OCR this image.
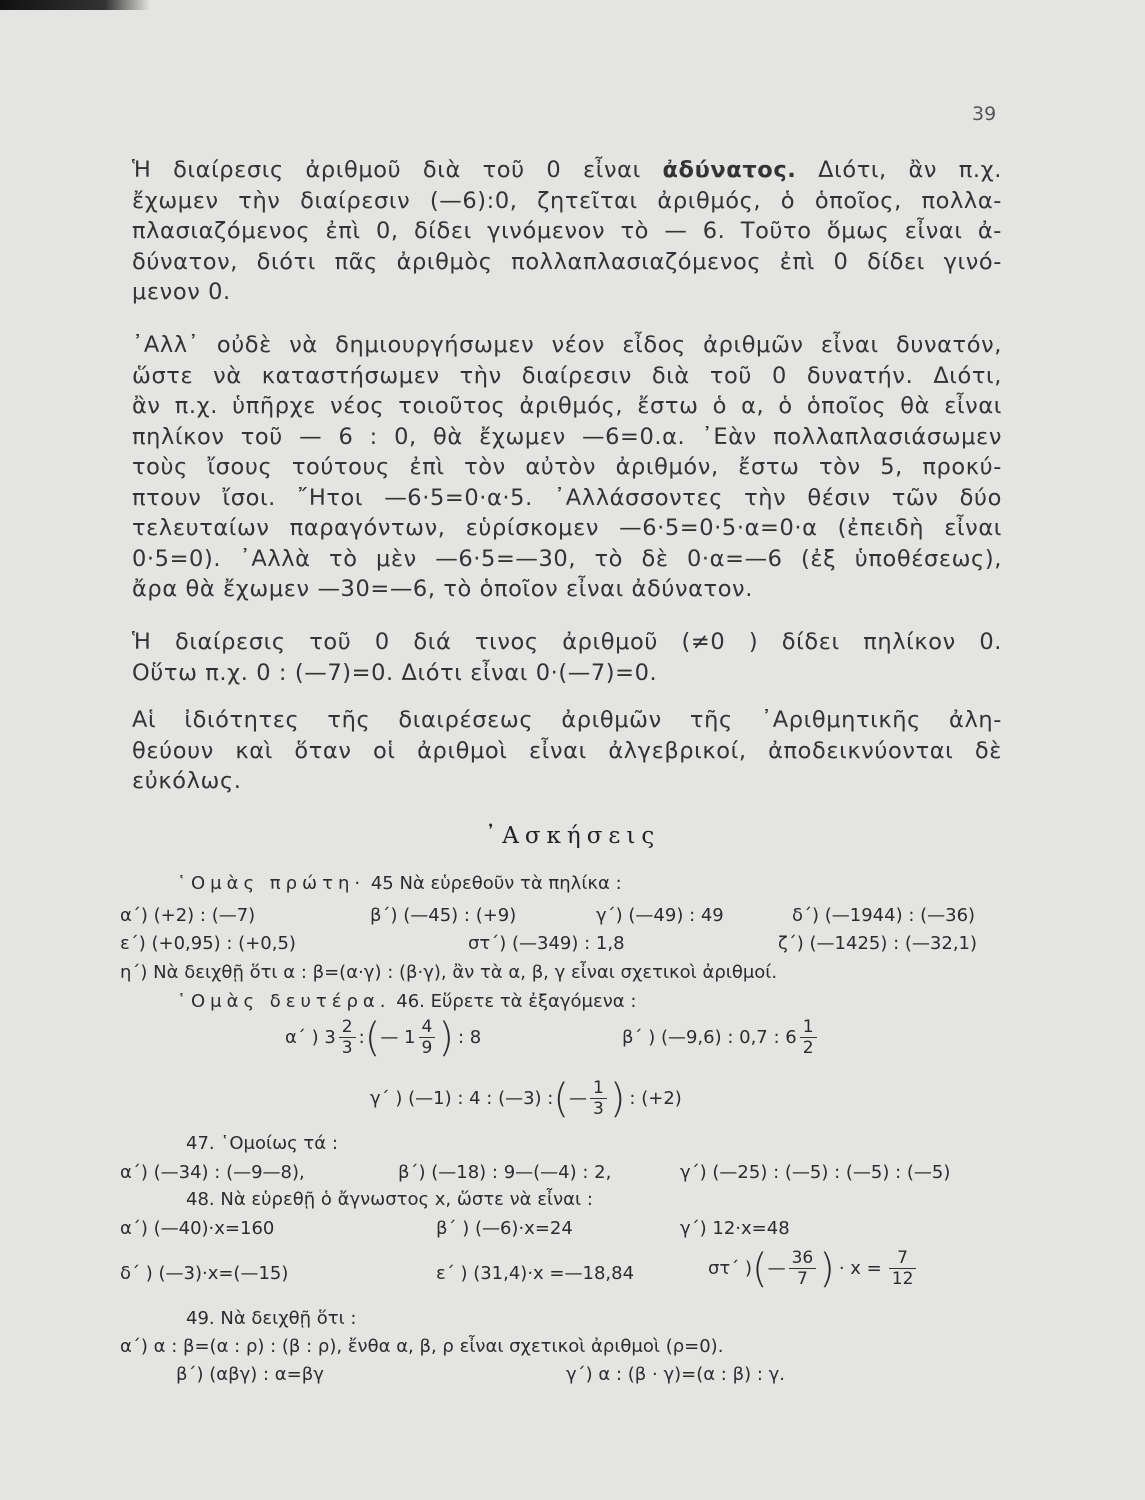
39
Ἡ διαίρεσις ἀριθμοῦ διὰ τοῦ 0 εἶναι ἀδύνατος. Διότι, ἂν π.χ.
ἔχωμεν τὴν διαίρεσιν (—6):0, ζητεῖται ἀριθμός, ὁ ὁποῖος, πολλα-
πλασιαζόμενος ἐπὶ 0, δίδει γινόμενον τὸ — 6. Τοῦτο ὅμως εἶναι ἀ-
δύνατον, διότι πᾶς ἀριθμὸς πολλαπλασιαζόμενος ἐπὶ 0 δίδει γινό-
μενον 0.
᾿Αλλ᾿ οὐδὲ νὰ δημιουργήσωμεν νέον εἶδος ἀριθμῶν εἶναι δυνατόν,
ὥστε νὰ καταστήσωμεν τὴν διαίρεσιν διὰ τοῦ 0 δυνατήν. Διότι,
ἂν π.χ. ὑπῆρχε νέος τοιοῦτος ἀριθμός, ἔστω ὁ α, ὁ ὁποῖος θὰ εἶναι
πηλίκον τοῦ — 6 : 0, θὰ ἔχωμεν —6=0.α. ᾿Εὰν πολλαπλασιάσωμεν
τοὺς ἴσους τούτους ἐπὶ τὸν αὐτὸν ἀριθμόν, ἔστω τὸν 5, προκύ-
πτουν ἴσοι. ῎Ητοι —6·5=0·α·5. ᾿Αλλάσσοντες τὴν θέσιν τῶν δύο
τελευταίων παραγόντων, εὑρίσκομεν —6·5=0·5·α=0·α (ἐπειδὴ εἶναι
0·5=0). ᾿Αλλὰ τὸ μὲν —6·5=—30, τὸ δὲ 0·α=—6 (ἐξ ὑποθέσεως),
ἄρα θὰ ἔχωμεν —30=—6, τὸ ὁποῖον εἶναι ἀδύνατον.
Ἡ διαίρεσις τοῦ 0 διά τινος ἀριθμοῦ (≠0 ) δίδει πηλίκον 0.
Οὕτω π.χ. 0 : (—7)=0. Διότι εἶναι 0·(—7)=0.
Αἱ ἰδιότητες τῆς διαιρέσεως ἀριθμῶν τῆς ᾿Αριθμητικῆς ἀλη-
θεύουν καὶ ὅταν οἱ ἀριθμοὶ εἶναι ἀλγεβρικοί, ἀποδεικνύονται δὲ
εὐκόλως.
᾿Ασκήσεις
῾Ομὰς πρώτη· 45 Νὰ εὑρεθοῦν τὰ πηλίκα :
α΄) (+2) : (—7)	β΄) (—45) : (+9)	γ΄) (—49) : 49	δ΄) (—1944) : (—36)
ε΄) (+0,95) : (+0,5)	στ΄) (—349) : 1,8	ζ΄) (—1425) : (—32,1)
η΄) Νὰ δειχθῇ ὅτι α : β=(α·γ) : (β·γ), ἂν τὰ α, β, γ εἶναι σχετικοὶ ἀριθμοί.
῾Ομὰς δευτέρα. 46. Εὕρετε τὰ ἐξαγόμενα :
α΄ ) $3 \frac{2}{3}$ : ( — $1 \frac{4}{9}$ ) : 8	β΄ ) (—9,6) : 0,7 : $6 \frac{1}{2}$
γ΄ ) (—1) : 4 : (—3) : ( — $\frac{1}{3}$ ) : (+2)
47. ῾Ομοίως τά :
α΄) (—34) : (—9—8),	β΄) (—18) : 9—(—4) : 2,	γ΄) (—25) : (—5) : (—5) : (—5)
48. Νὰ εὑρεθῇ ὁ ἄγνωστος x, ὥστε νὰ εἶναι :
α΄) (—40)·x=160	β΄ ) (—6)·x=24	γ΄) 12·x=48
δ΄ ) (—3)·x=(—15)	ε΄ ) (31,4)·x =—18,84	στ΄ ) ( — $\frac{36}{7}$ ) · $x = \frac{7}{12}$
49. Νὰ δειχθῇ ὅτι :
α΄) α : β=(α : ρ) : (β : ρ), ἔνθα α, β, ρ εἶναι σχετικοὶ ἀριθμοὶ (ρ=0).
β΄) (αβγ) : α=βγ	γ΄) α : (β · γ)=(α : β) : γ.
